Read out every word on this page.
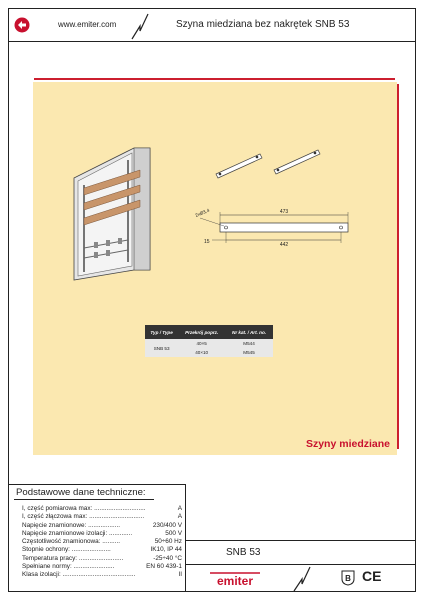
www.emiter.com	Szyna miedziana bez nakrętek SNB 53
473
442
15
2xØ3,4
Typ / Type	Przekrój poprz.	Nr kat. / Art. no.
SNB 53	40×5	M544
	40×10	M545
Szyny miedziane
Podstawowe dane techniczne:
I, część pomiarowa max: .............................	A
I, część złączowa max: ...............................	A
Napięcie znamionowe: ..................	230/400 V
Napięcie znamionowe izolacji: .............	500 V
Częstotliwość znamionowa: ..........	50÷60 Hz
Stopnie ochrony: ......................	IK10, IP 44
Temperatura pracy: .........................	-25÷40 °C
Spełniane normy: .......................	EN 60 439-1
Klasa izolacji: .........................................	II
SNB 53
emiter	B CE
